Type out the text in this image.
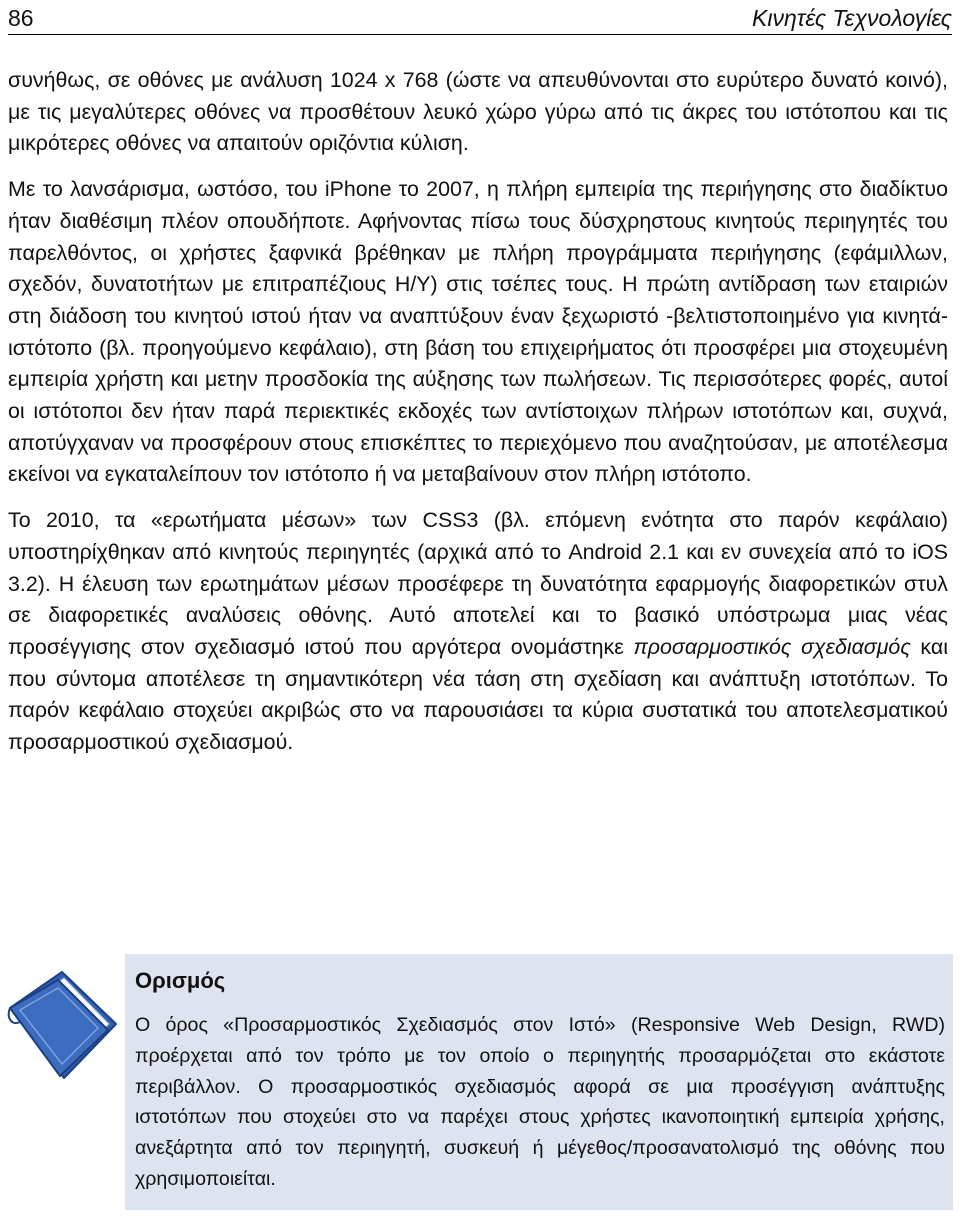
86	Κινητές Τεχνολογίες

συνήθως, σε οθόνες με ανάλυση 1024 x 768 (ώστε να απευθύνονται στο ευρύτερο δυνατό κοινό), με τις μεγαλύτερες οθόνες να προσθέτουν λευκό χώρο γύρω από τις άκρες του ιστότοπου και τις μικρότερες οθόνες να απαιτούν οριζόντια κύλιση.

Με το λανσάρισμα, ωστόσο, του iPhone το 2007, η πλήρη εμπειρία της περιήγησης στο διαδίκτυο ήταν διαθέσιμη πλέον οπουδήποτε. Αφήνοντας πίσω τους δύσχρηστους κινητούς περιηγητές του παρελθόντος, οι χρήστες ξαφνικά βρέθηκαν με πλήρη προγράμματα περιήγησης (εφάμιλλων, σχεδόν, δυνατοτήτων με επιτραπέζιους Η/Υ) στις τσέπες τους. Η πρώτη αντίδραση των εταιριών στη διάδοση του κινητού ιστού ήταν να αναπτύξουν έναν ξεχωριστό -βελτιστοποιημένο για κινητά- ιστότοπο (βλ. προηγούμενο κεφάλαιο), στη βάση του επιχειρήματος ότι προσφέρει μια στοχευμένη εμπειρία χρήστη και μετην προσδοκία της αύξησης των πωλήσεων. Τις περισσότερες φορές, αυτοί οι ιστότοποι δεν ήταν παρά περιεκτικές εκδοχές των αντίστοιχων πλήρων ιστοτόπων και, συχνά, αποτύγχαναν να προσφέρουν στους επισκέπτες το περιεχόμενο που αναζητούσαν, με αποτέλεσμα εκείνοι να εγκαταλείπουν τον ιστότοπο ή να μεταβαίνουν στον πλήρη ιστότοπο.

Το 2010, τα «ερωτήματα μέσων» των CSS3 (βλ. επόμενη ενότητα στο παρόν κεφάλαιο) υποστηρίχθηκαν από κινητούς περιηγητές (αρχικά από το Android 2.1 και εν συνεχεία από το iOS 3.2). Η έλευση των ερωτημάτων μέσων προσέφερε τη δυνατότητα εφαρμογής διαφορετικών στυλ σε διαφορετικές αναλύσεις οθόνης. Αυτό αποτελεί και το βασικό υπόστρωμα μιας νέας προσέγγισης στον σχεδιασμό ιστού που αργότερα ονομάστηκε προσαρμοστικός σχεδιασμός και που σύντομα αποτέλεσε τη σημαντικότερη νέα τάση στη σχεδίαση και ανάπτυξη ιστοτόπων. Το παρόν κεφάλαιο στοχεύει ακριβώς στο να παρουσιάσει τα κύρια συστατικά του αποτελεσματικού προσαρμοστικού σχεδιασμού.

Ορισμός

Ο όρος «Προσαρμοστικός Σχεδιασμός στον Ιστό» (Responsive Web Design, RWD) προέρχεται από τον τρόπο με τον οποίο ο περιηγητής προσαρμόζεται στο εκάστοτε περιβάλλον. Ο προσαρμοστικός σχεδιασμός αφορά σε μια προσέγγιση ανάπτυξης ιστοτόπων που στοχεύει στο να παρέχει στους χρήστες ικανοποιητική εμπειρία χρήσης, ανεξάρτητα από τον περιηγητή, συσκευή ή μέγεθος/προσανατολισμό της οθόνης που χρησιμοποιείται.
